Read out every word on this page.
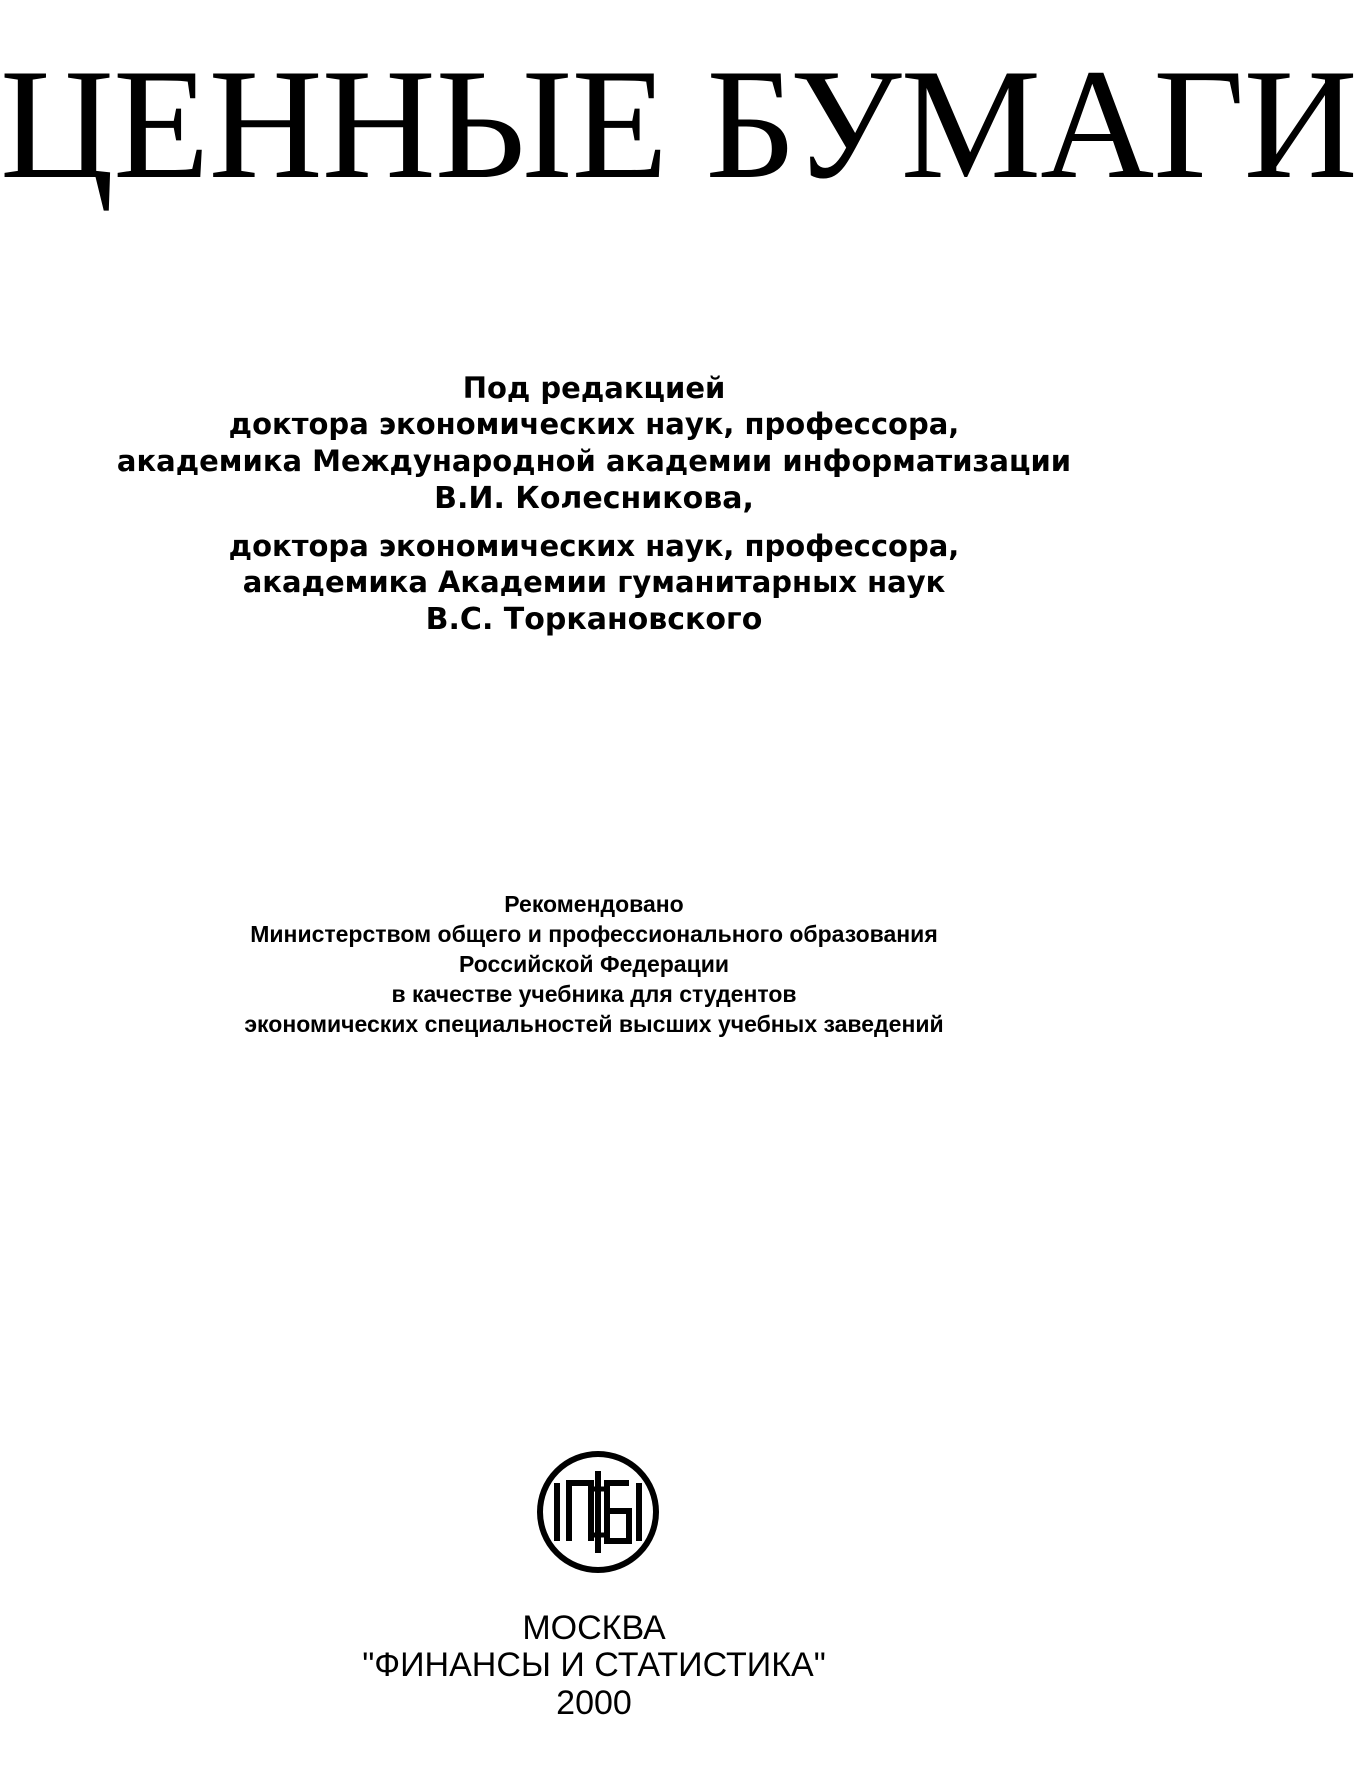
ЦЕННЫЕ БУМАГИ
Под редакцией
доктора экономических наук, профессора,
академика Международной академии информатизации
В.И. Колесникова,
доктора экономических наук, профессора,
академика Академии гуманитарных наук
В.С. Торкановского
Рекомендовано
Министерством общего и профессионального образования
Российской Федерации
в качестве учебника для студентов
экономических специальностей высших учебных заведений
МОСКВА
"ФИНАНСЫ И СТАТИСТИКА"
2000
